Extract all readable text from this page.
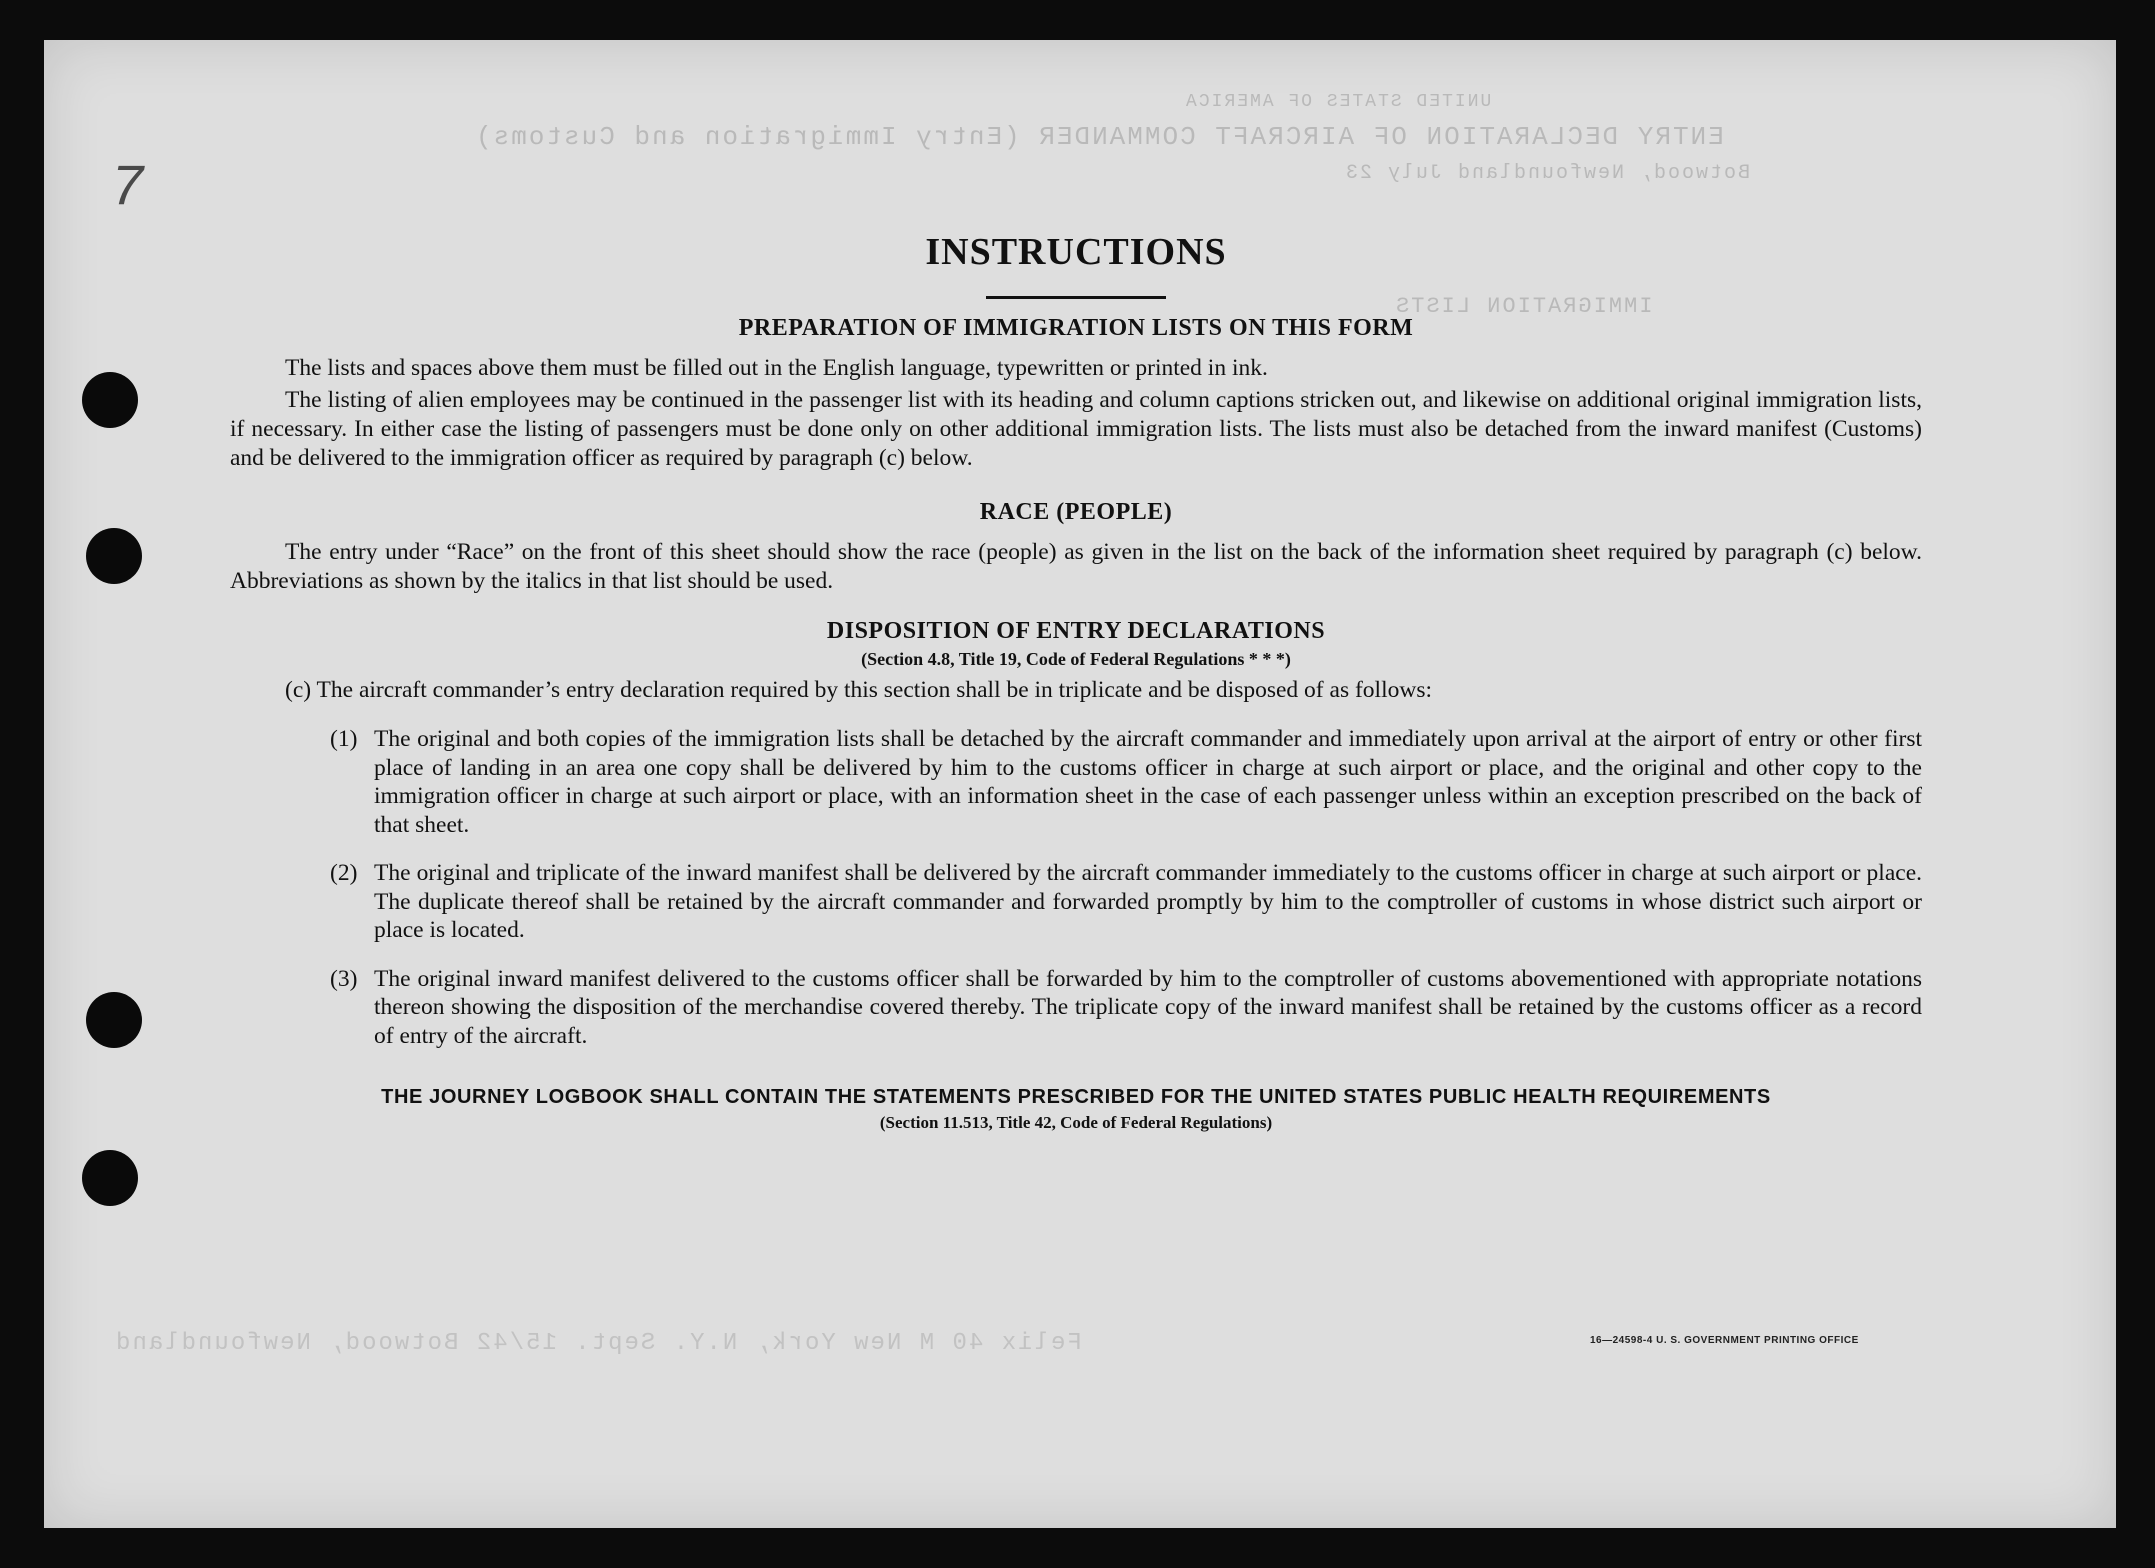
UNITED STATES OF AMERICA
ENTRY DECLARATION OF AIRCRAFT COMMANDER (Entry Immigration and Customs)
Botwood, Newfoundland July 23
IMMIGRATION LISTS
Felix 40 M New York, N.Y. Sept. 15/42 Botwood, Newfoundland
7
16—24598-4 U. S. GOVERNMENT PRINTING OFFICE
INSTRUCTIONS
PREPARATION OF IMMIGRATION LISTS ON THIS FORM

The lists and spaces above them must be filled out in the English language, typewritten or printed in ink.

The listing of alien employees may be continued in the passenger list with its heading and column captions stricken out, and likewise on additional original immigration lists, if necessary. In either case the listing of passengers must be done only on other additional immigration lists. The lists must also be detached from the inward manifest (Customs) and be delivered to the immigration officer as required by paragraph (c) below.

RACE (PEOPLE)

The entry under “Race” on the front of this sheet should show the race (people) as given in the list on the back of the information sheet required by paragraph (c) below. Abbreviations as shown by the italics in that list should be used.

DISPOSITION OF ENTRY DECLARATIONS
(Section 4.8, Title 19, Code of Federal Regulations * * *)

(c) The aircraft commander’s entry declaration required by this section shall be in triplicate and be disposed of as follows:

(1) The original and both copies of the immigration lists shall be detached by the aircraft commander and immediately upon arrival at the airport of entry or other first place of landing in an area one copy shall be delivered by him to the customs officer in charge at such airport or place, and the original and other copy to the immigration officer in charge at such airport or place, with an information sheet in the case of each passenger unless within an exception prescribed on the back of that sheet.
(2) The original and triplicate of the inward manifest shall be delivered by the aircraft commander immediately to the customs officer in charge at such airport or place. The duplicate thereof shall be retained by the aircraft commander and forwarded promptly by him to the comptroller of customs in whose district such airport or place is located.
(3) The original inward manifest delivered to the customs officer shall be forwarded by him to the comptroller of customs abovementioned with appropriate notations thereon showing the disposition of the merchandise covered thereby. The triplicate copy of the inward manifest shall be retained by the customs officer as a record of entry of the aircraft.
THE JOURNEY LOGBOOK SHALL CONTAIN THE STATEMENTS PRESCRIBED FOR THE UNITED STATES PUBLIC HEALTH REQUIREMENTS
(Section 11.513, Title 42, Code of Federal Regulations)
